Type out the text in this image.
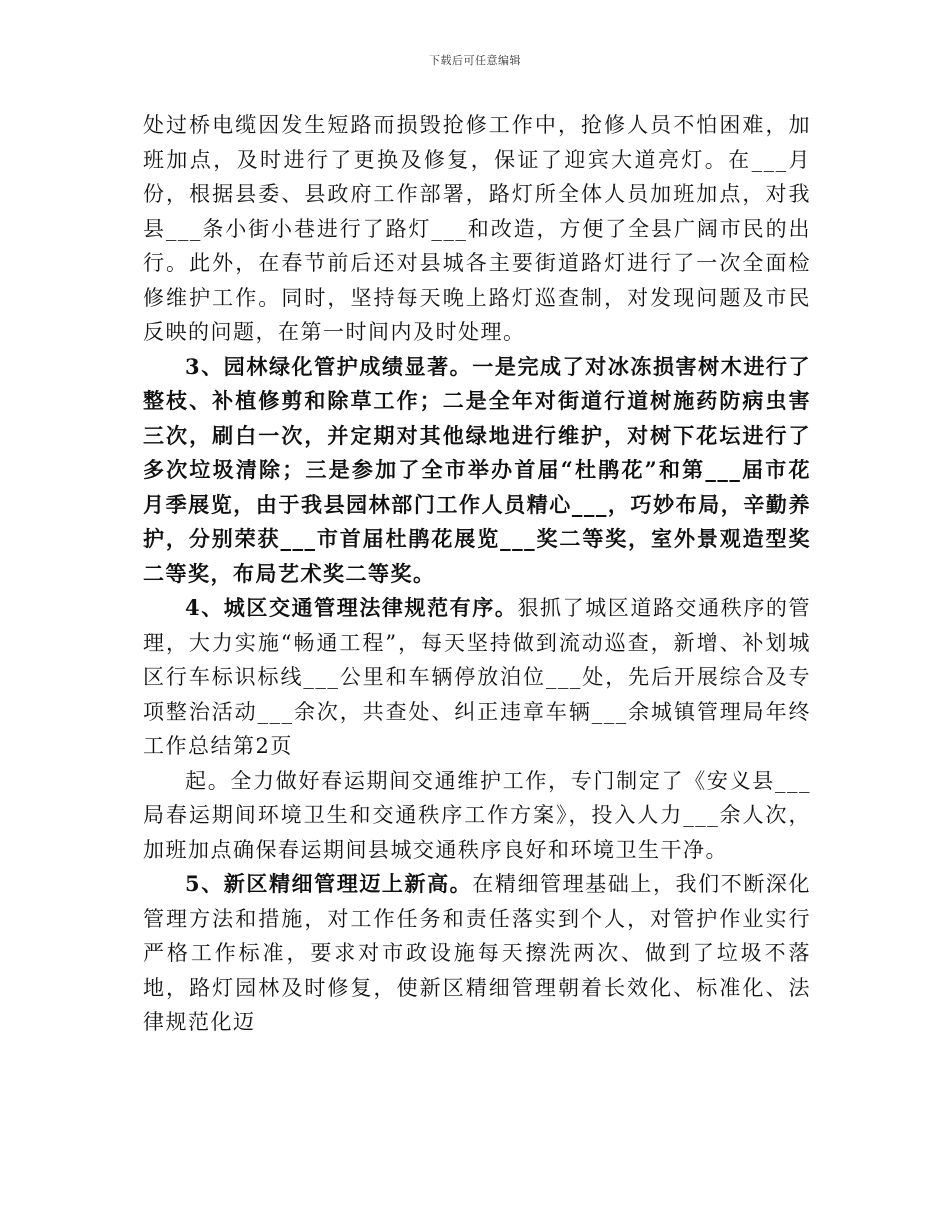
下载后可任意编辑

处过桥电缆因发生短路而损毁抢修工作中，抢修人员不怕困难，加班加点，及时进行了更换及修复，保证了迎宾大道亮灯。在___月份，根据县委、县政府工作部署，路灯所全体人员加班加点，对我县___条小街小巷进行了路灯___和改造，方便了全县广阔市民的出行。此外，在春节前后还对县城各主要街道路灯进行了一次全面检修维护工作。同时，坚持每天晚上路灯巡查制，对发现问题及市民反映的问题，在第一时间内及时处理。

3、园林绿化管护成绩显著。一是完成了对冰冻损害树木进行了整枝、补植修剪和除草工作；二是全年对街道行道树施药防病虫害三次，刷白一次，并定期对其他绿地进行维护，对树下花坛进行了多次垃圾清除；三是参加了全市举办首届“杜鹃花”和第___届市花月季展览，由于我县园林部门工作人员精心___，巧妙布局，辛勤养护，分别荣获___市首届杜鹃花展览___奖二等奖，室外景观造型奖二等奖，布局艺术奖二等奖。

4、城区交通管理法律规范有序。狠抓了城区道路交通秩序的管理，大力实施“畅通工程”，每天坚持做到流动巡查，新增、补划城区行车标识标线___公里和车辆停放泊位___处，先后开展综合及专项整治活动___余次，共查处、纠正违章车辆___余城镇管理局年终工作总结第2页

起。全力做好春运期间交通维护工作，专门制定了《安义县___局春运期间环境卫生和交通秩序工作方案》，投入人力___余人次，加班加点确保春运期间县城交通秩序良好和环境卫生干净。

5、新区精细管理迈上新高。在精细管理基础上，我们不断深化管理方法和措施，对工作任务和责任落实到个人，对管护作业实行严格工作标准，要求对市政设施每天擦洗两次、做到了垃圾不落地，路灯园林及时修复，使新区精细管理朝着长效化、标准化、法律规范化迈
